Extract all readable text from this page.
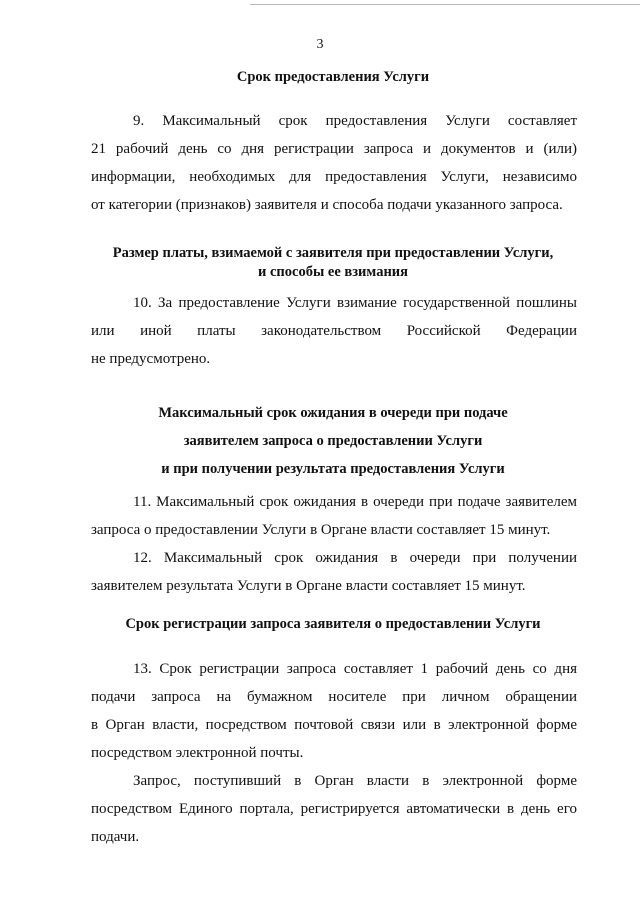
3
Срок предоставления Услуги
9. Максимальный срок предоставления Услуги составляет
21 рабочий день со дня регистрации запроса и документов и (или)
информации, необходимых для предоставления Услуги, независимо
от категории (признаков) заявителя и способа подачи указанного запроса.
Размер платы, взимаемой с заявителя при предоставлении Услуги,
и способы ее взимания
10. За предоставление Услуги взимание государственной пошлины
или иной платы законодательством Российской Федерации
не предусмотрено.
Максимальный срок ожидания в очереди при подаче
заявителем запроса о предоставлении Услуги
и при получении результата предоставления Услуги
11. Максимальный срок ожидания в очереди при подаче заявителем
запроса о предоставлении Услуги в Органе власти составляет 15 минут.
12. Максимальный срок ожидания в очереди при получении
заявителем результата Услуги в Органе власти составляет 15 минут.
Срок регистрации запроса заявителя о предоставлении Услуги
13. Срок регистрации запроса составляет 1 рабочий день со дня
подачи запроса на бумажном носителе при личном обращении
в Орган власти, посредством почтовой связи или в электронной форме
посредством электронной почты.
Запрос, поступивший в Орган власти в электронной форме
посредством Единого портала, регистрируется автоматически в день его
подачи.
